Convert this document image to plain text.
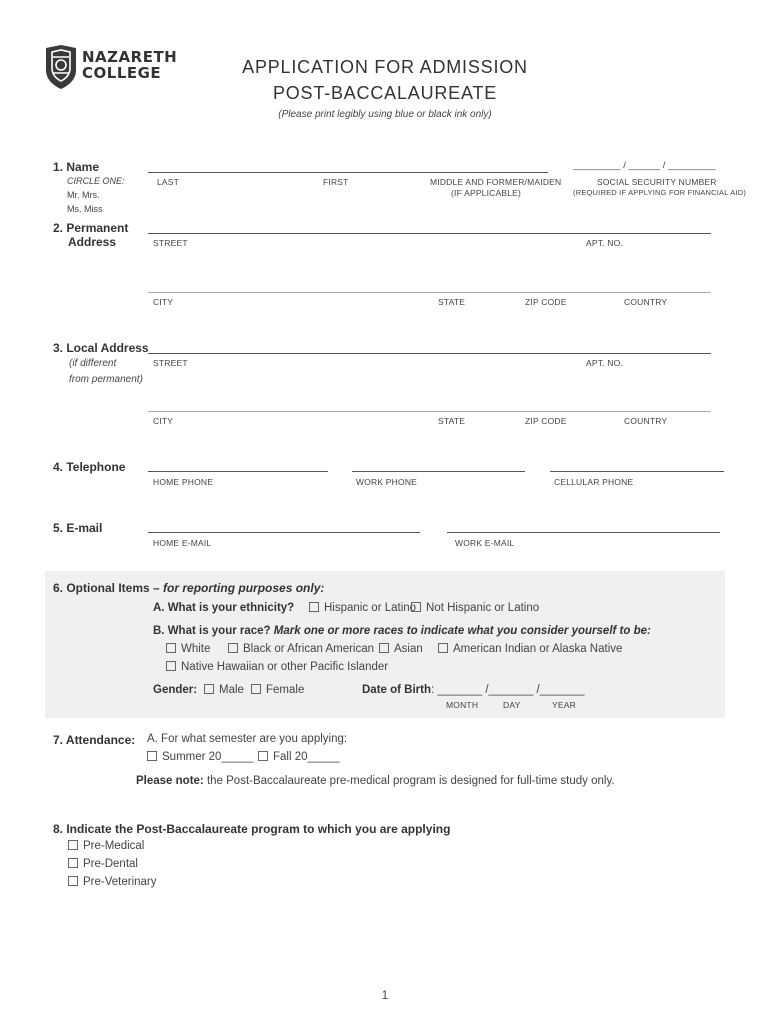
NAZARETH
COLLEGE	APPLICATION FOR ADMISSION
POST-BACCALAUREATE
(Please print legibly using blue or black ink only)
1. Name
CIRCLE ONE:
Mr. Mrs.
Ms. Miss
LAST	FIRST	MIDDLE AND FORMER/MAIDEN
(IF APPLICABLE)
_________ / ______ / _________
SOCIAL SECURITY NUMBER
(REQUIRED IF APPLYING FOR FINANCIAL AID)
2. Permanent
Address	STREET	APT. NO.
CITY	STATE	ZIP CODE	COUNTRY
3. Local Address
(if different
from permanent)
STREET	APT. NO.
CITY	STATE	ZIP CODE	COUNTRY
4. Telephone
HOME PHONE	WORK PHONE	CELLULAR PHONE
5. E-mail
HOME E-MAIL	WORK E-MAIL
6. Optional Items – for reporting purposes only:
A. What is your ethnicity?	Hispanic or Latino Not Hispanic or Latino
B. What is your race? Mark one or more races to indicate what you consider yourself to be:
White	Black or African American	Asian	American Indian or Alaska Native
Native Hawaiian or other Pacific Islander
Gender:	Male	Female	Date of Birth: _______ /_______ /_______
MONTH	DAY	YEAR
7. Attendance: A. For what semester are you applying:
Summer 20_____	Fall 20_____
Please note: the Post-Baccalaureate pre-medical program is designed for full-time study only.
8. Indicate the Post-Baccalaureate program to which you are applying
Pre-Medical
Pre-Dental
Pre-Veterinary
1
